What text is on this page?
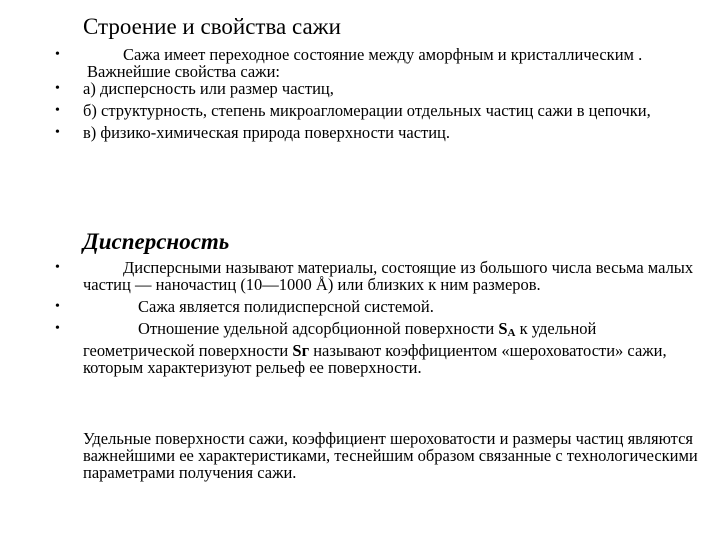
Строение и свойства сажи
•	Сажа имеет переходное состояние между аморфным и кристаллическим .
Важнейшие свойства сажи:
• а) дисперсность или размер частиц,
• б) структурность, степень микроагломерации отдельных частиц сажи в цепочки,
• в) физико-химическая природа поверхности частиц.
Дисперсность
•	Дисперсными называют материалы, состоящие из большого числа весьма малых частиц — наночастиц (10—1000 Å) или близких к ним размеров.
•	Сажа является полидисперсной системой.
•	Отношение удельной адсорбционной поверхности $S_A$ к удельной геометрической поверхности Sг называют коэффициентом «шероховатости» сажи, которым характеризуют рельеф ее поверхности.

Удельные поверхности сажи, коэффициент шероховатости и размеры частиц являются важнейшими ее характеристиками, теснейшим образом связанные с технологическими параметрами получения сажи.
